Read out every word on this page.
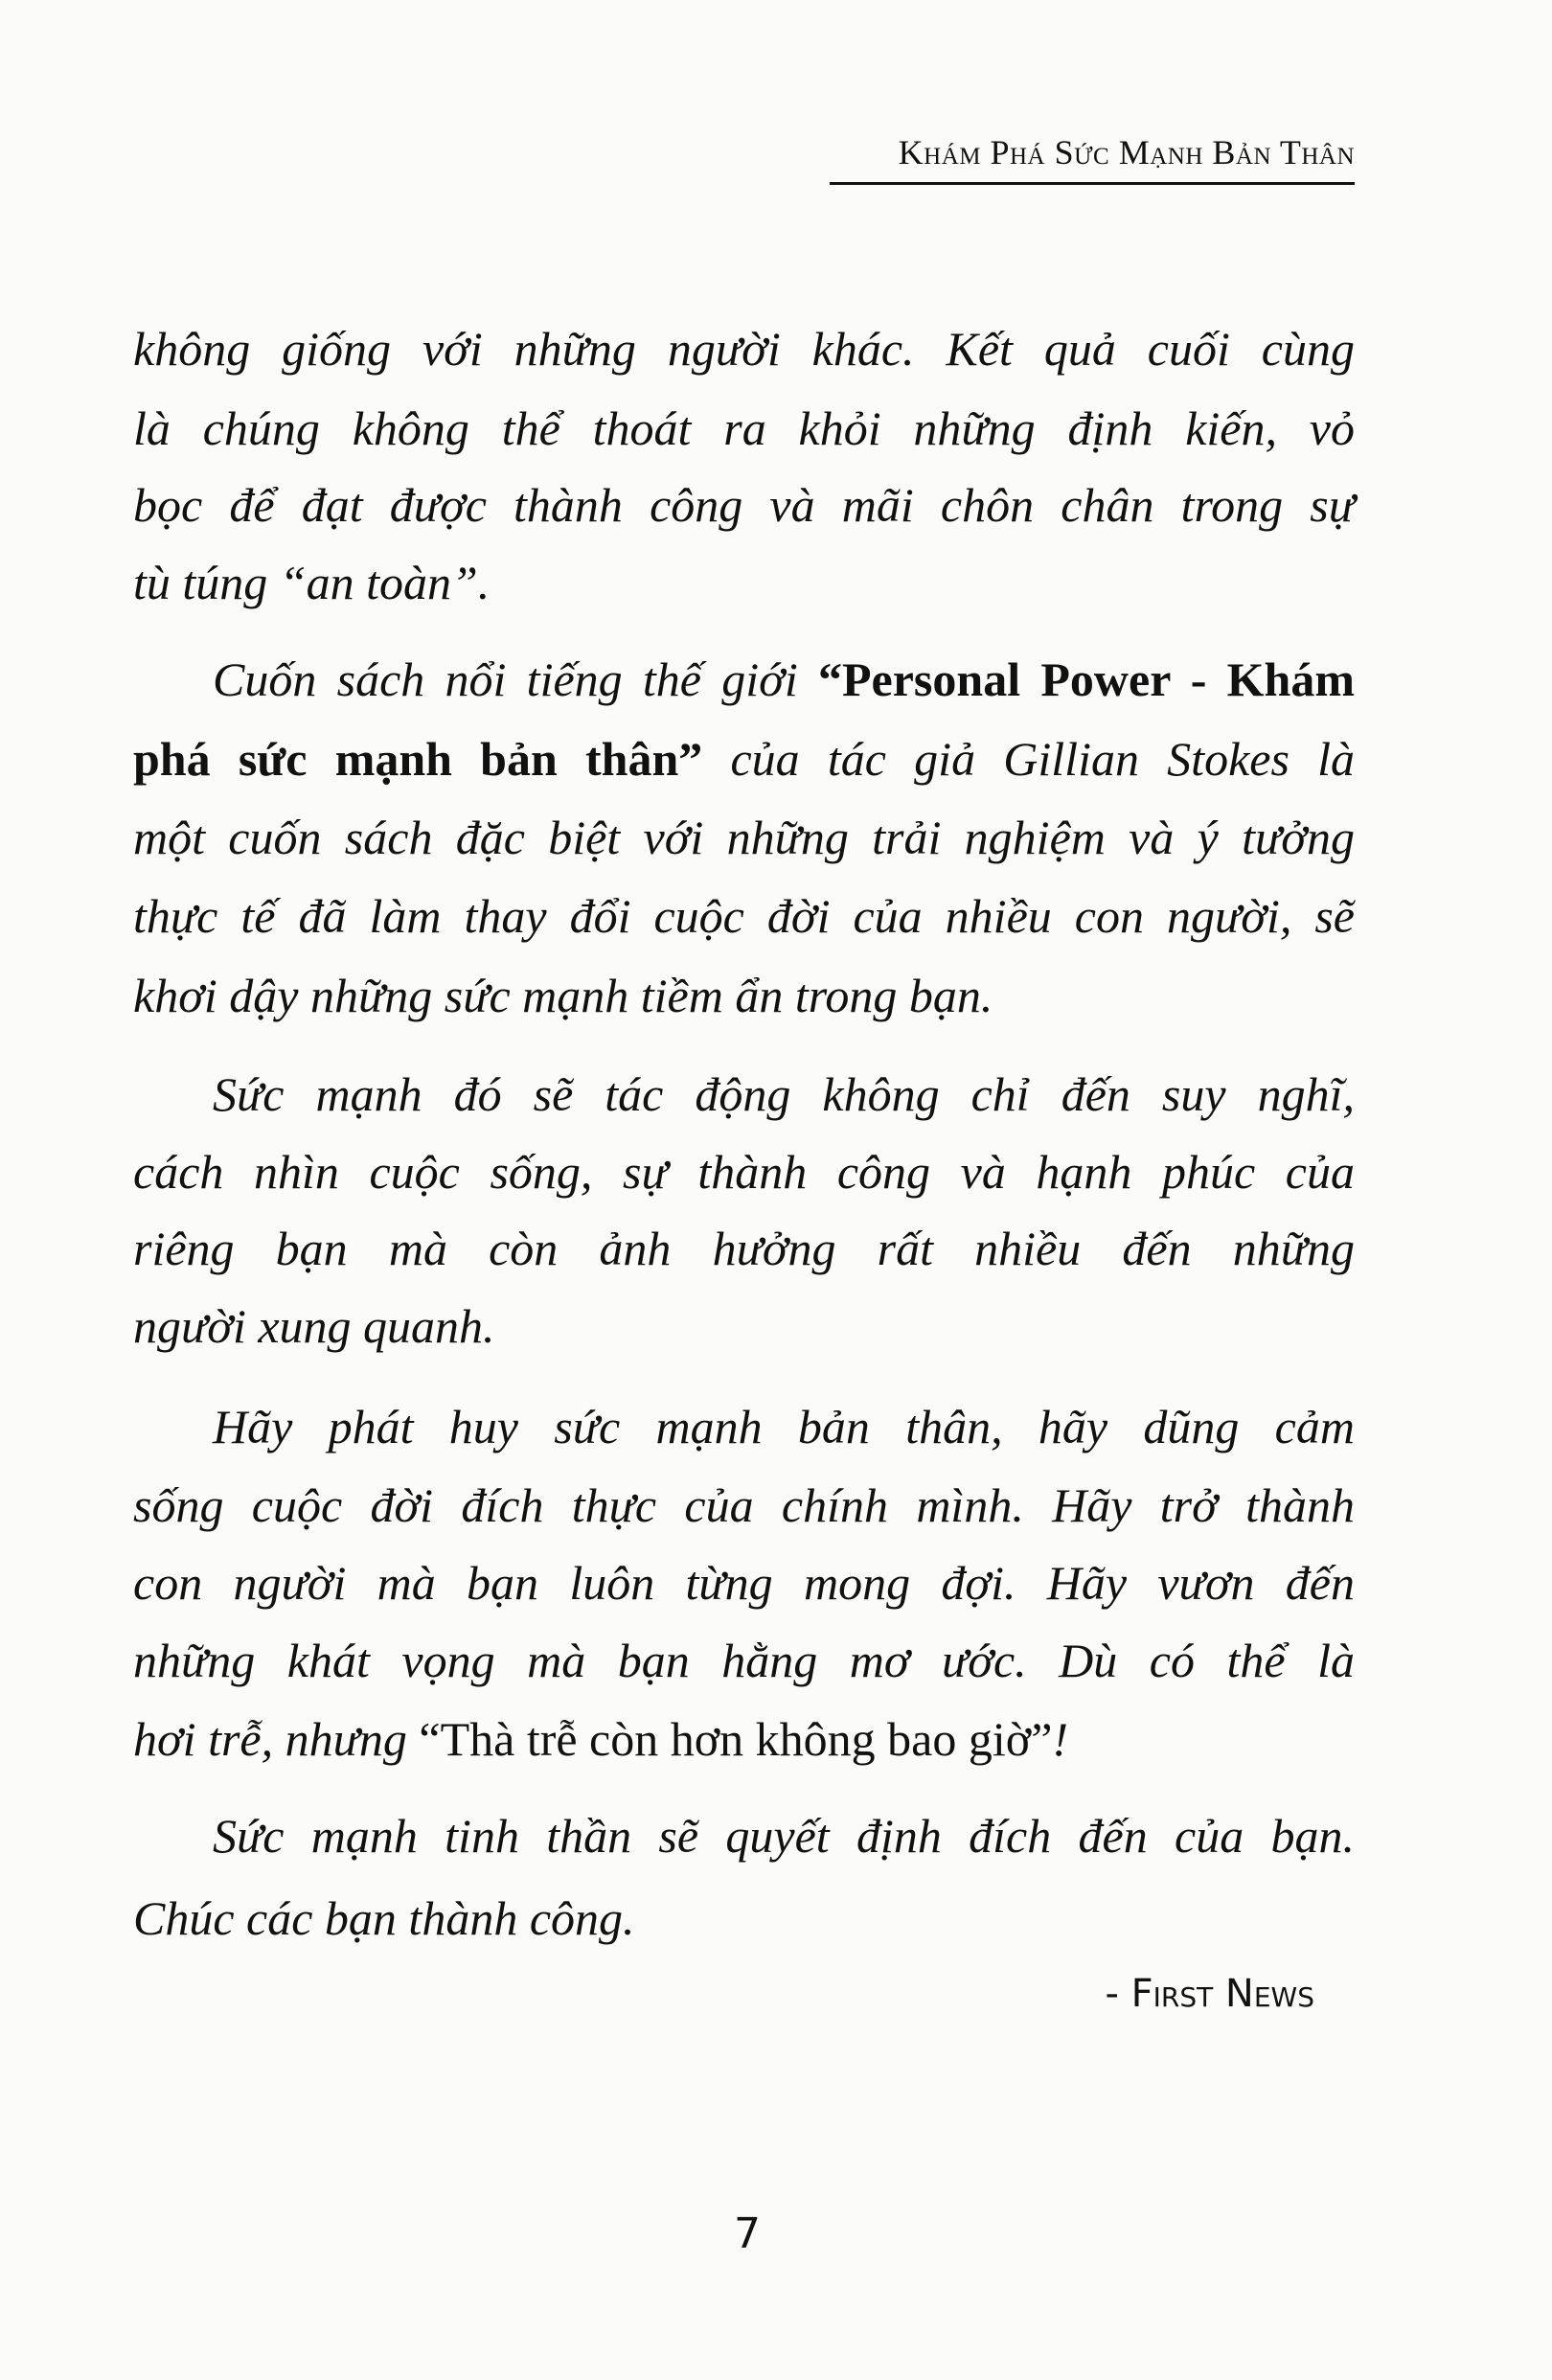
Khám Phá Sức Mạnh Bản Thân
không giống với những người khác. Kết quả cuối cùng
là chúng không thể thoát ra khỏi những định kiến, vỏ
bọc để đạt được thành công và mãi chôn chân trong sự
tù túng “an toàn”.
Cuốn sách nổi tiếng thế giới “Personal Power - Khám
phá sức mạnh bản thân” của tác giả Gillian Stokes là
một cuốn sách đặc biệt với những trải nghiệm và ý tưởng
thực tế đã làm thay đổi cuộc đời của nhiều con người, sẽ
khơi dậy những sức mạnh tiềm ẩn trong bạn.
Sức mạnh đó sẽ tác động không chỉ đến suy nghĩ,
cách nhìn cuộc sống, sự thành công và hạnh phúc của
riêng bạn mà còn ảnh hưởng rất nhiều đến những
người xung quanh.
Hãy phát huy sức mạnh bản thân, hãy dũng cảm
sống cuộc đời đích thực của chính mình. Hãy trở thành
con người mà bạn luôn từng mong đợi. Hãy vươn đến
những khát vọng mà bạn hằng mơ ước. Dù có thể là
hơi trễ, nhưng “Thà trễ còn hơn không bao giờ”!
Sức mạnh tinh thần sẽ quyết định đích đến của bạn.
Chúc các bạn thành công.
- First News
7
